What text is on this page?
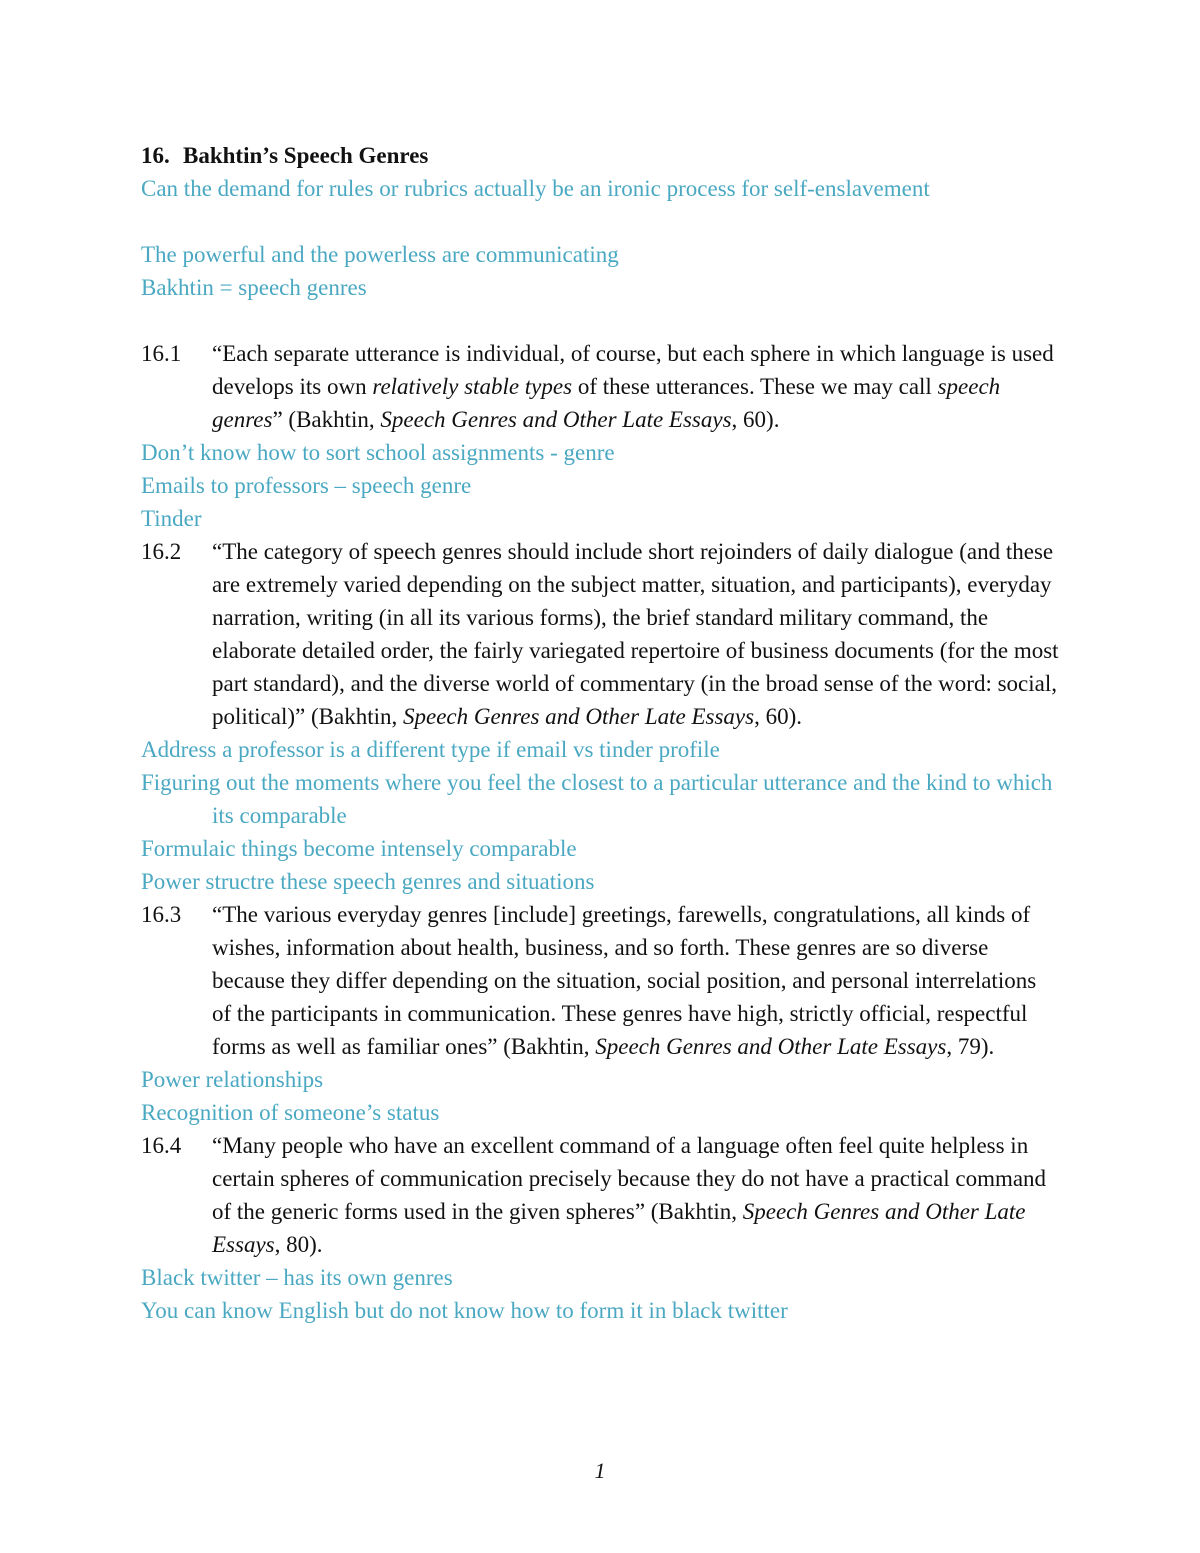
16. Bakhtin’s Speech Genres
Can the demand for rules or rubrics actually be an ironic process for self-enslavement
The powerful and the powerless are communicating
Bakhtin = speech genres
16.1	“Each separate utterance is individual, of course, but each sphere in which language is used develops its own relatively stable types of these utterances. These we may call speech genres” (Bakhtin, Speech Genres and Other Late Essays, 60).
Don’t know how to sort school assignments - genre
Emails to professors – speech genre
Tinder
16.2	“The category of speech genres should include short rejoinders of daily dialogue (and these are extremely varied depending on the subject matter, situation, and participants), everyday narration, writing (in all its various forms), the brief standard military command, the elaborate detailed order, the fairly variegated repertoire of business documents (for the most part standard), and the diverse world of commentary (in the broad sense of the word: social, political)” (Bakhtin, Speech Genres and Other Late Essays, 60).
Address a professor is a different type if email vs tinder profile
Figuring out the moments where you feel the closest to a particular utterance and the kind to which its comparable
Formulaic things become intensely comparable
Power structre these speech genres and situations
16.3	“The various everyday genres [include] greetings, farewells, congratulations, all kinds of wishes, information about health, business, and so forth. These genres are so diverse because they differ depending on the situation, social position, and personal interrelations of the participants in communication. These genres have high, strictly official, respectful forms as well as familiar ones” (Bakhtin, Speech Genres and Other Late Essays, 79).
Power relationships
Recognition of someone’s status
16.4	“Many people who have an excellent command of a language often feel quite helpless in certain spheres of communication precisely because they do not have a practical command of the generic forms used in the given spheres” (Bakhtin, Speech Genres and Other Late Essays, 80).
Black twitter – has its own genres
You can know English but do not know how to form it in black twitter
1
